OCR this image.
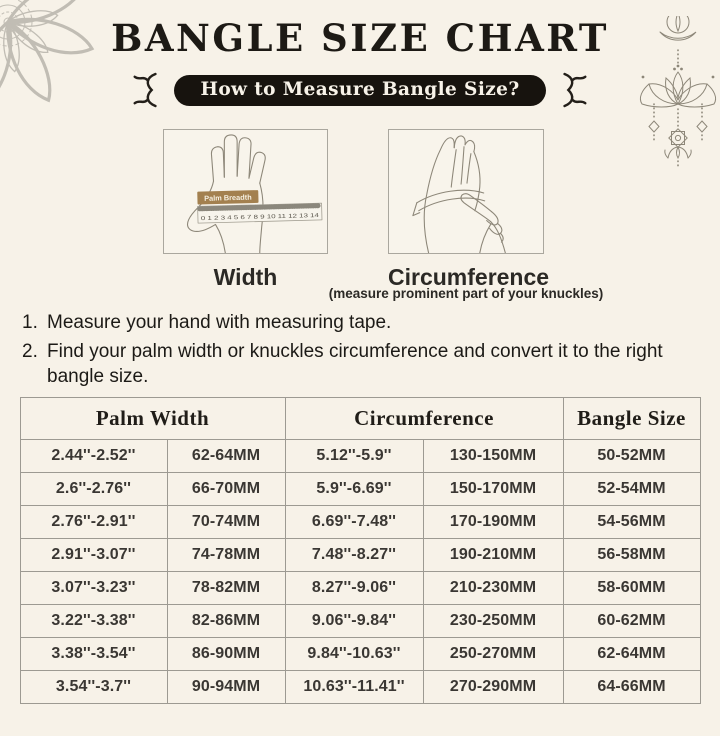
BANGLE SIZE CHART
How to Measure Bangle Size?
0 1 2 3 4 5 6 7 8 9 10 11 12 13 14
Palm Breadth
Width	Circumference
(measure prominent part of your knuckles)
1. Measure your hand with measuring tape.
2. Find your palm width or knuckles circumference and convert it to the right bangle size.
Palm Width		Circumference		Bangle Size
2.44''-2.52''	62-64MM	5.12''-5.9''	130-150MM	50-52MM
2.6''-2.76''	66-70MM	5.9''-6.69''	150-170MM	52-54MM
2.76''-2.91''	70-74MM	6.69''-7.48''	170-190MM	54-56MM
2.91''-3.07''	74-78MM	7.48''-8.27''	190-210MM	56-58MM
3.07''-3.23''	78-82MM	8.27''-9.06''	210-230MM	58-60MM
3.22''-3.38''	82-86MM	9.06''-9.84''	230-250MM	60-62MM
3.38''-3.54''	86-90MM	9.84''-10.63''	250-270MM	62-64MM
3.54''-3.7''	90-94MM	10.63''-11.41''	270-290MM	64-66MM
